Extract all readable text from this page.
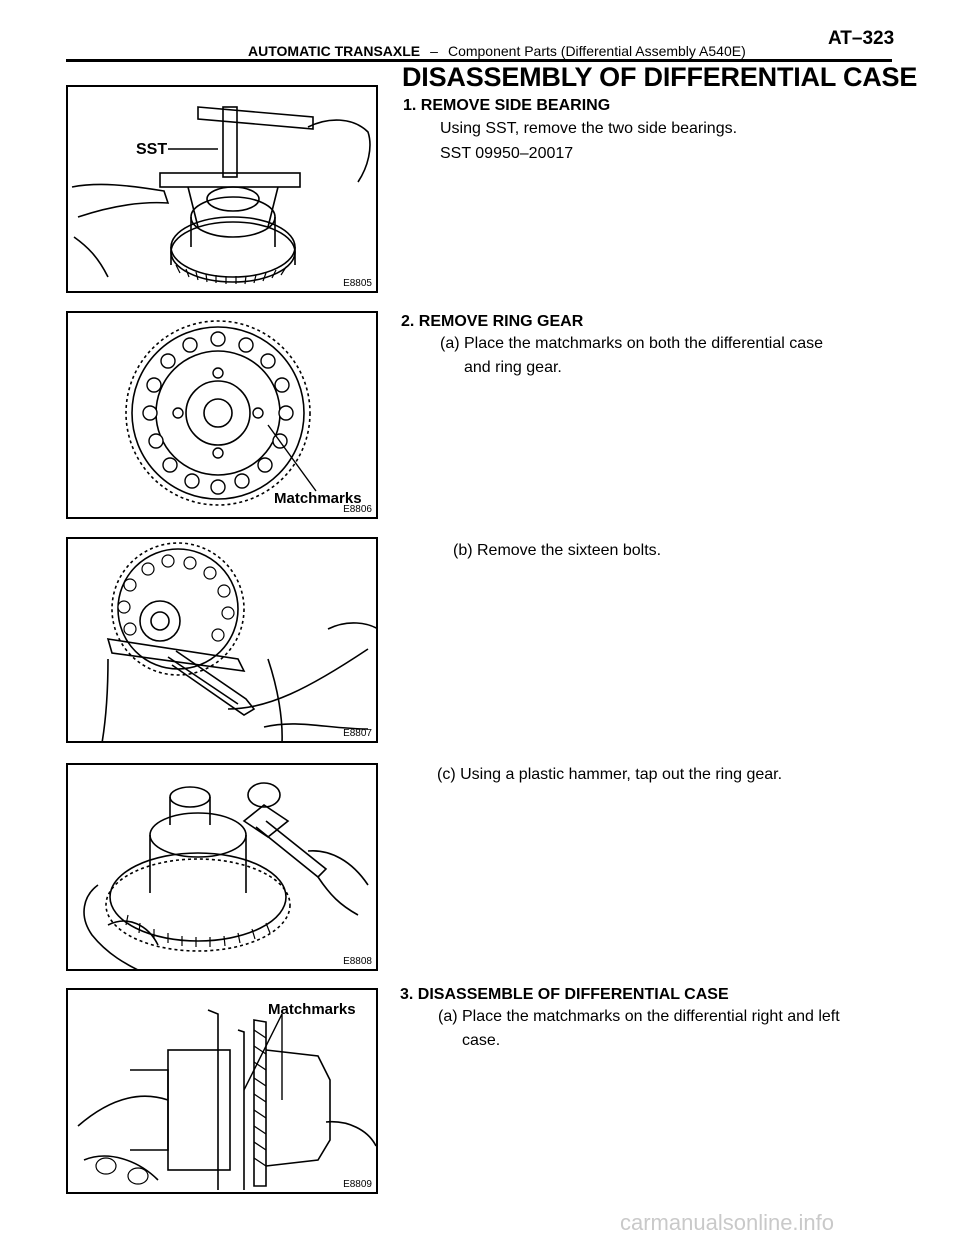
AUTOMATIC TRANSAXLE – Component Parts (Differential Assembly A540E)
AT–323
DISASSEMBLY OF DIFFERENTIAL CASE
1. REMOVE SIDE BEARING
Using SST, remove the two side bearings.
SST 09950–20017
SST
E8805
2. REMOVE RING GEAR
(a) Place the matchmarks on both the differential case
and ring gear.
Matchmarks
E8806
(b) Remove the sixteen bolts.
E8807
(c) Using a plastic hammer, tap out the ring gear.
E8808
3. DISASSEMBLE OF DIFFERENTIAL CASE
(a) Place the matchmarks on the differential right and left
case.
Matchmarks
E8809
carmanualsonline.info
